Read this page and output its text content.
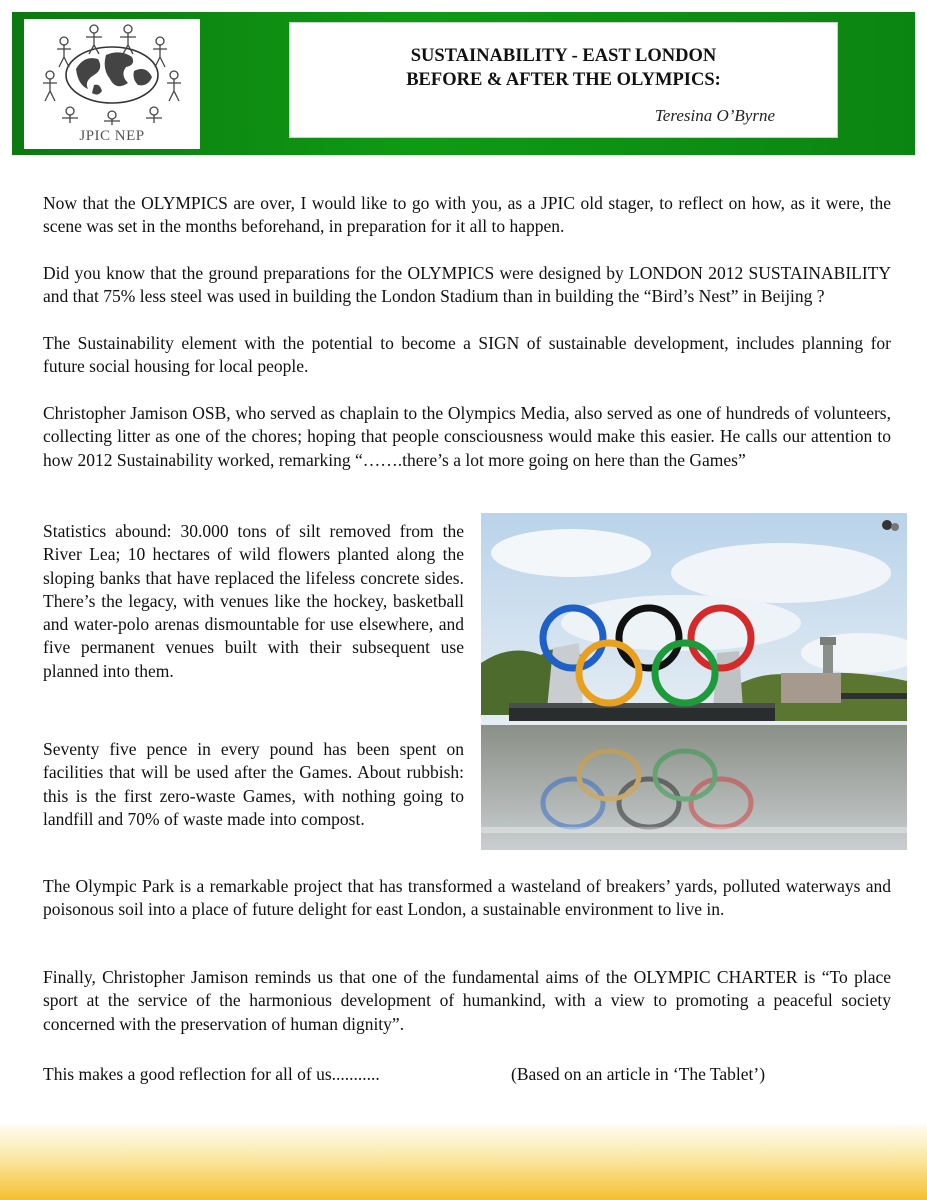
JPIC NEP
SUSTAINABILITY - EAST LONDON
BEFORE & AFTER THE OLYMPICS:
Teresina O’Byrne

Now that the OLYMPICS are over, I would like to go with you, as a JPIC old stager, to reflect on how, as it were, the scene was set in the months beforehand, in preparation for it all to happen.

Did you know that the ground preparations for the OLYMPICS were designed by LONDON 2012 SUSTAINABILITY and that 75% less steel was used in building the London Stadium than in building the “Bird’s Nest” in Beijing ?

The Sustainability element with the potential to become a SIGN of sustainable development, includes planning for future social housing for local people.

Christopher Jamison OSB, who served as chaplain to the Olympics Media, also served as one of hundreds of volunteers, collecting litter as one of the chores; hoping that people consciousness would make this easier. He calls our attention to how 2012 Sustainability worked, remarking “…….there’s a lot more going on here than the Games”

Statistics abound: 30.000 tons of silt removed from the River Lea; 10 hectares of wild flowers planted along the sloping banks that have replaced the lifeless concrete sides. There’s the legacy, with venues like the hockey, basketball and water-polo arenas dismountable for use elsewhere, and five permanent venues built with their subsequent use planned into them.

Seventy five pence in every pound has been spent on facilities that will be used after the Games. About rubbish: this is the first zero-waste Games, with nothing going to landfill and 70% of waste made into compost.

The Olympic Park is a remarkable project that has transformed a wasteland of breakers’ yards, polluted waterways and poisonous soil into a place of future delight for east London, a sustainable environment to live in.

Finally, Christopher Jamison reminds us that one of the fundamental aims of the OLYMPIC CHARTER is “To place sport at the service of the harmonious development of humankind, with a view to promoting a peaceful society concerned with the preservation of human dignity”.

This makes a good reflection for all of us...........	(Based on an article in ‘The Tablet’)
